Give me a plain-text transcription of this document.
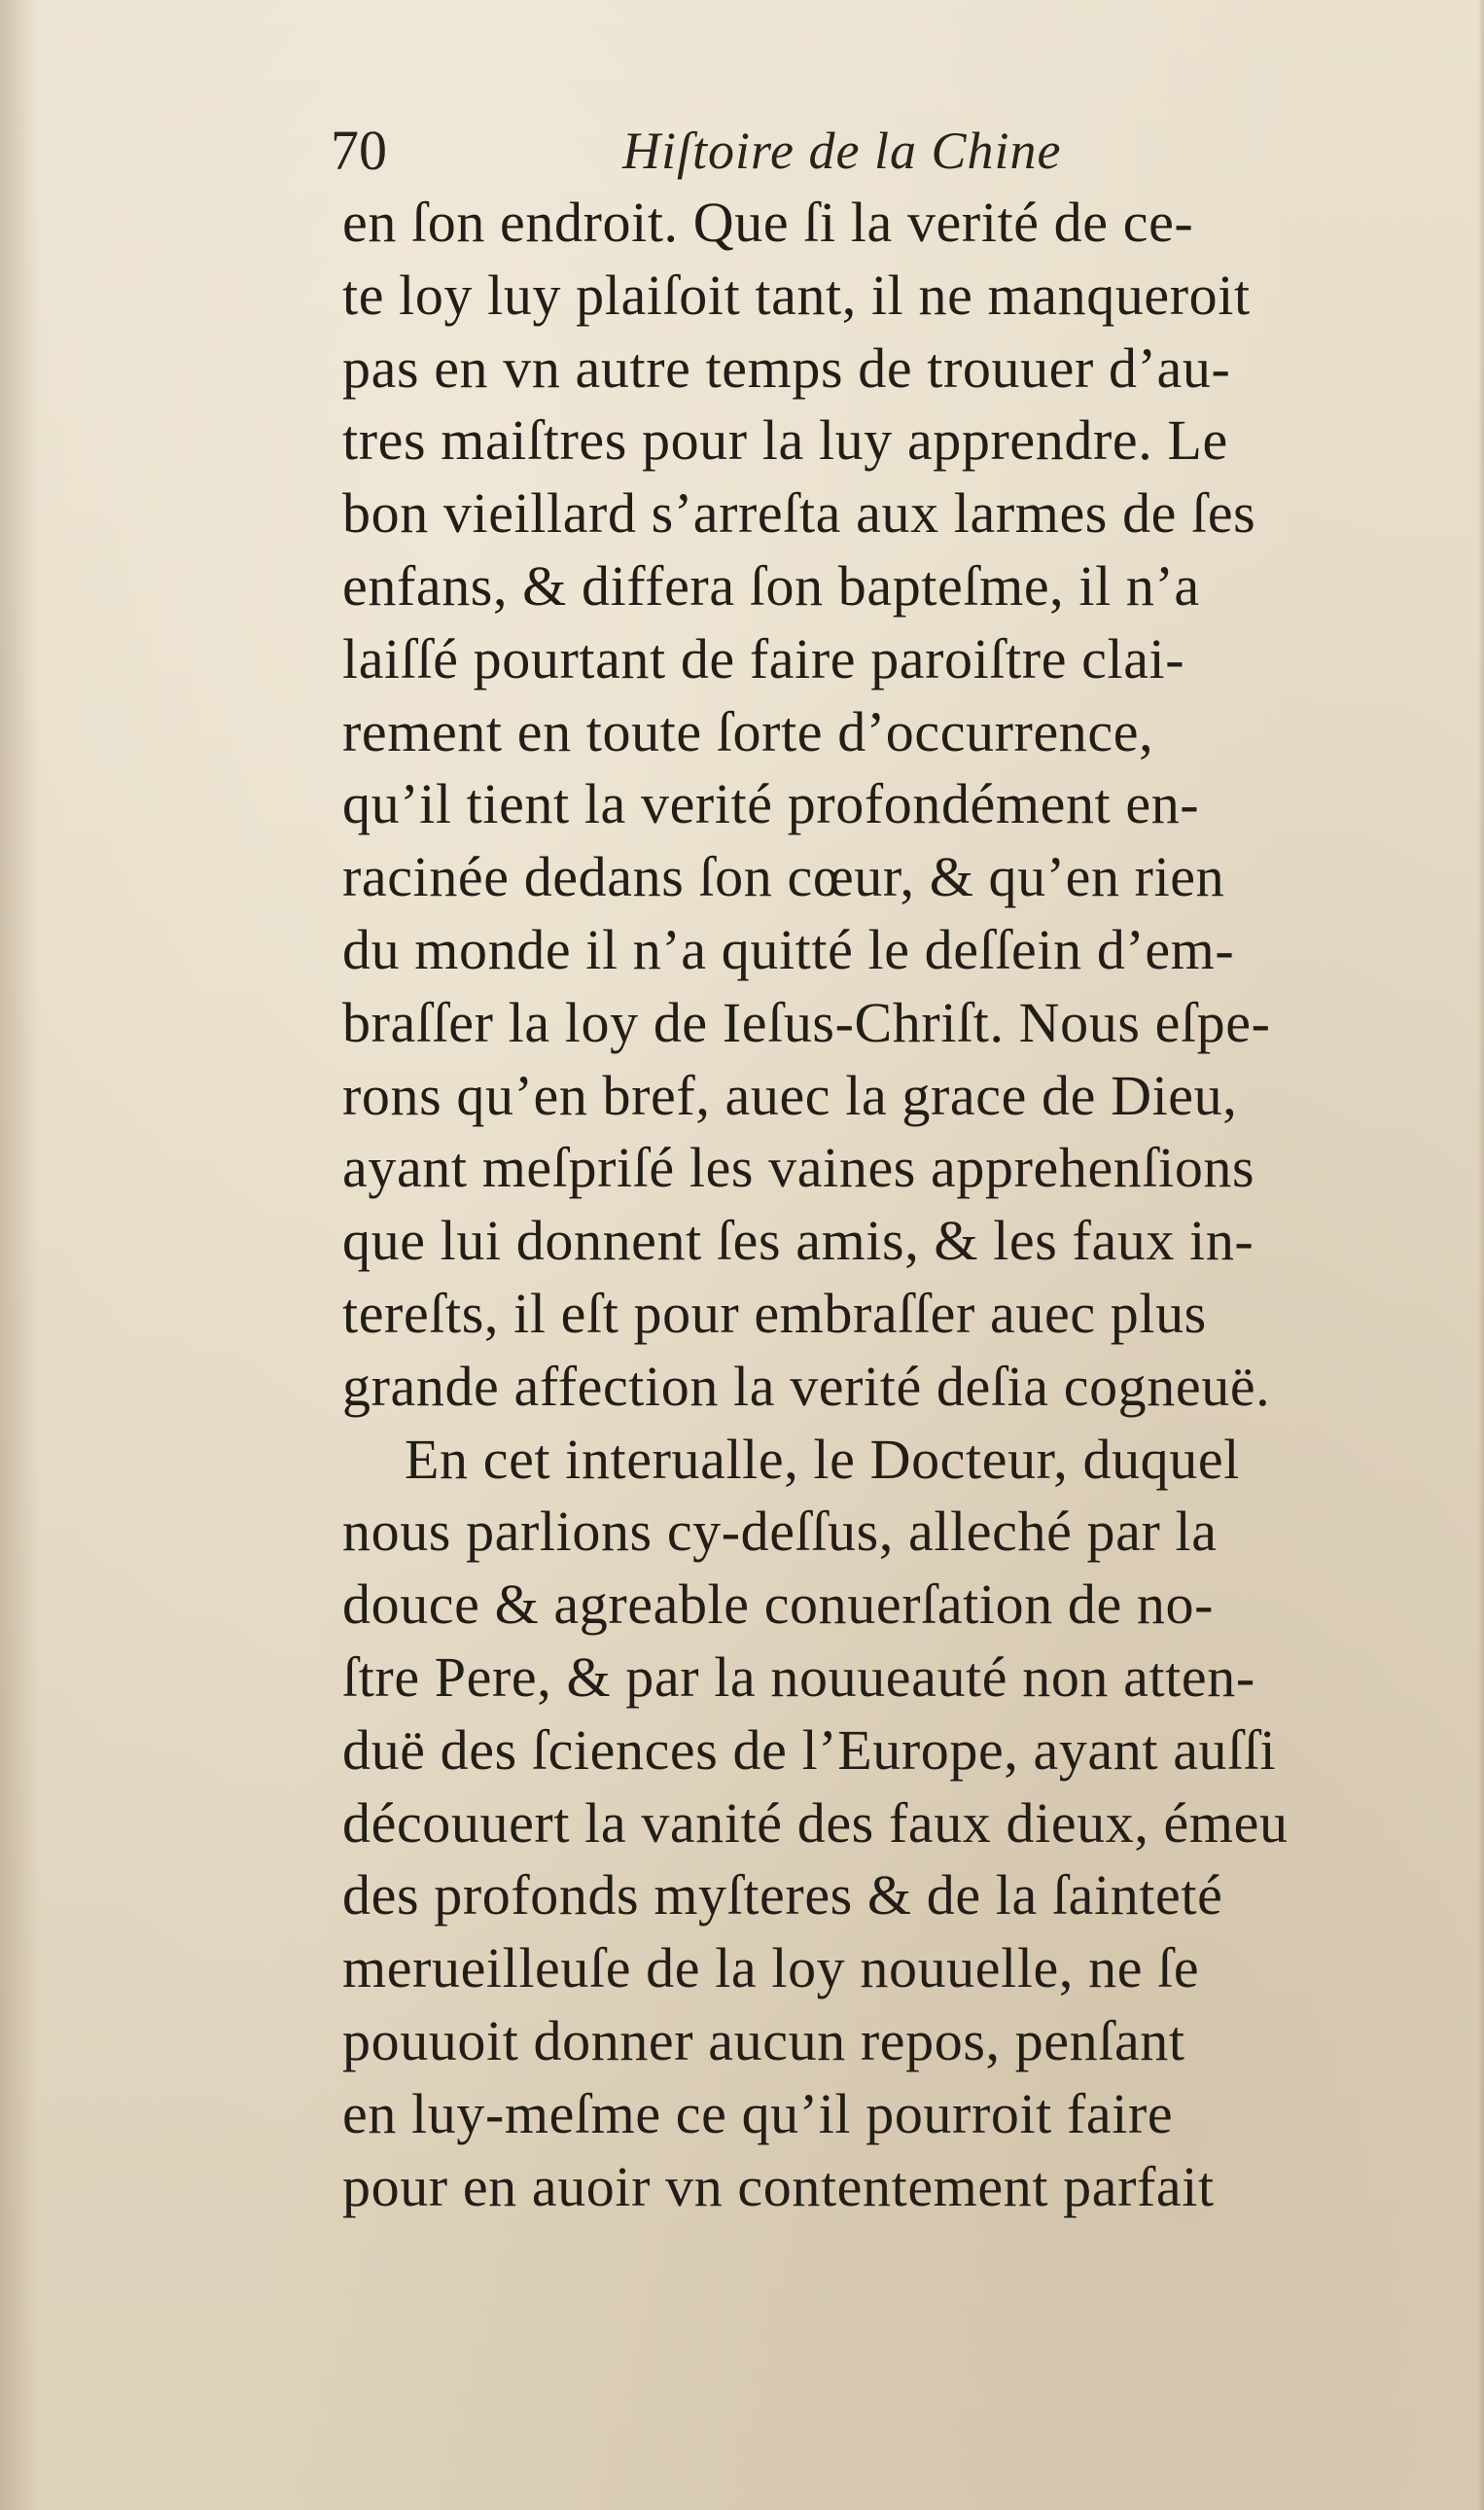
70	Hiſtoire de la Chine
en ſon endroit. Que ſi la verité de ce-
te loy luy plaiſoit tant, il ne manqueroit
pas en vn autre temps de trouuer d’au-
tres maiſtres pour la luy apprendre. Le
bon vieillard s’arreſta aux larmes de ſes
enfans, & differa ſon bapteſme, il n’a
laiſſé pourtant de faire paroiſtre clai-
rement en toute ſorte d’occurrence,
qu’il tient la verité profondément en-
racinée dedans ſon cœur, & qu’en rien
du monde il n’a quitté le deſſein d’em-
braſſer la loy de Ieſus-Chriſt. Nous eſpe-
rons qu’en bref, auec la grace de Dieu,
ayant meſpriſé les vaines apprehenſions
que lui donnent ſes amis, & les faux in-
tereſts, il eſt pour embraſſer auec plus
grande affection la verité deſia cogneuë.
En cet interualle, le Docteur, duquel
nous parlions cy-deſſus, alleché par la
douce & agreable conuerſation de no-
ſtre Pere, & par la nouueauté non atten-
duë des ſciences de l’Europe, ayant auſſi
découuert la vanité des faux dieux, émeu
des profonds myſteres & de la ſainteté
merueilleuſe de la loy nouuelle, ne ſe
pouuoit donner aucun repos, penſant
en luy-meſme ce qu’il pourroit faire
pour en auoir vn contentement parfait
